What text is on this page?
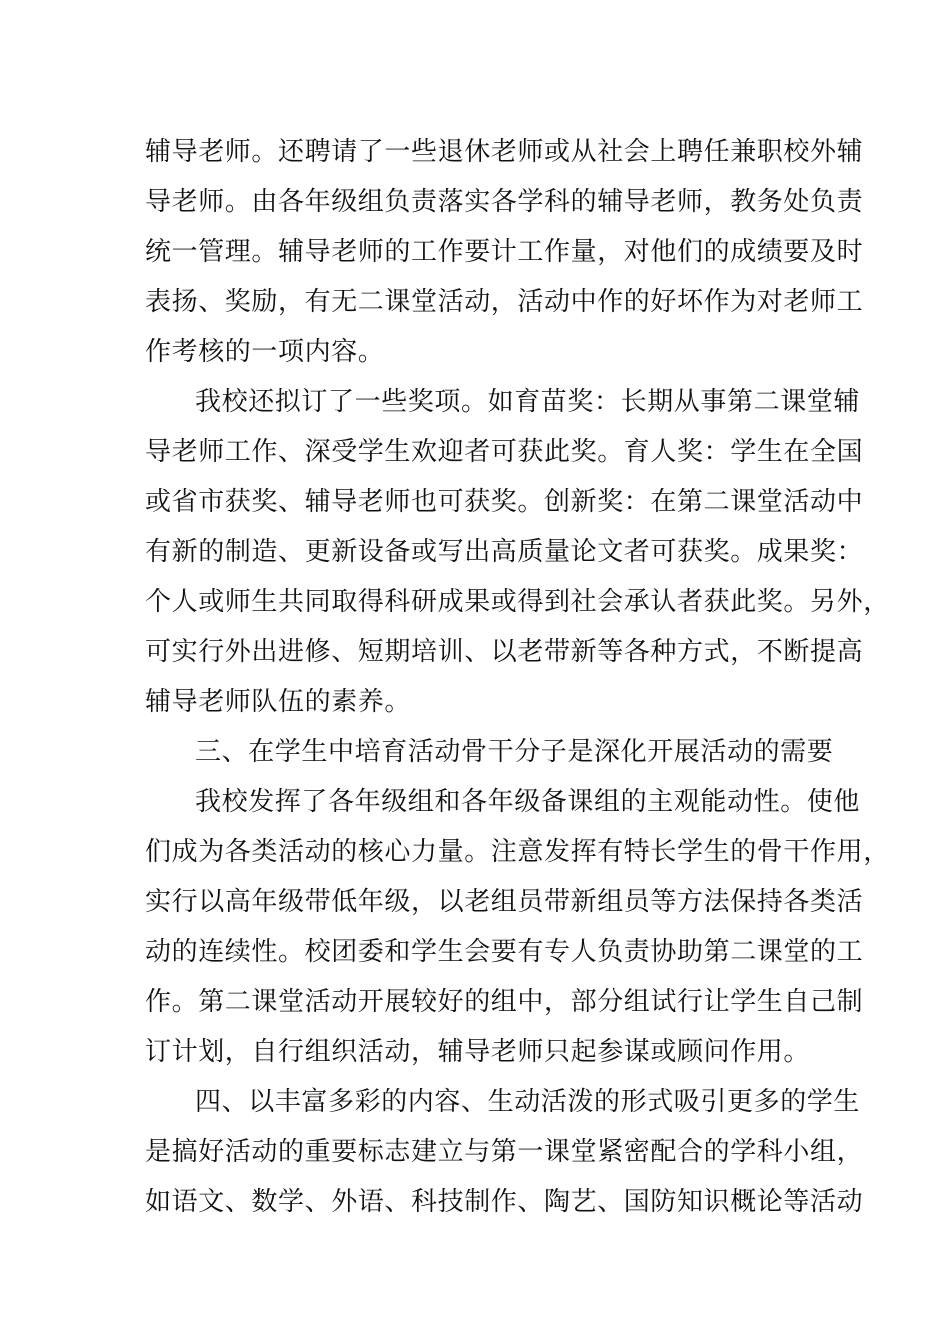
辅导老师。还聘请了一些退休老师或从社会上聘任兼职校外辅
导老师。由各年级组负责落实各学科的辅导老师，教务处负责
统一管理。辅导老师的工作要计工作量，对他们的成绩要及时
表扬、奖励，有无二课堂活动，活动中作的好坏作为对老师工
作考核的一项内容。
我校还拟订了一些奖项。如育苗奖：长期从事第二课堂辅
导老师工作、深受学生欢迎者可获此奖。育人奖：学生在全国
或省市获奖、辅导老师也可获奖。创新奖：在第二课堂活动中
有新的制造、更新设备或写出高质量论文者可获奖。成果奖：
个人或师生共同取得科研成果或得到社会承认者获此奖。另外，
可实行外出进修、短期培训、以老带新等各种方式，不断提高
辅导老师队伍的素养。
三、在学生中培育活动骨干分子是深化开展活动的需要
我校发挥了各年级组和各年级备课组的主观能动性。使他
们成为各类活动的核心力量。注意发挥有特长学生的骨干作用，
实行以高年级带低年级，以老组员带新组员等方法保持各类活
动的连续性。校团委和学生会要有专人负责协助第二课堂的工
作。第二课堂活动开展较好的组中，部分组试行让学生自己制
订计划，自行组织活动，辅导老师只起参谋或顾问作用。
四、以丰富多彩的内容、生动活泼的形式吸引更多的学生
是搞好活动的重要标志建立与第一课堂紧密配合的学科小组，
如语文、数学、外语、科技制作、陶艺、国防知识概论等活动
